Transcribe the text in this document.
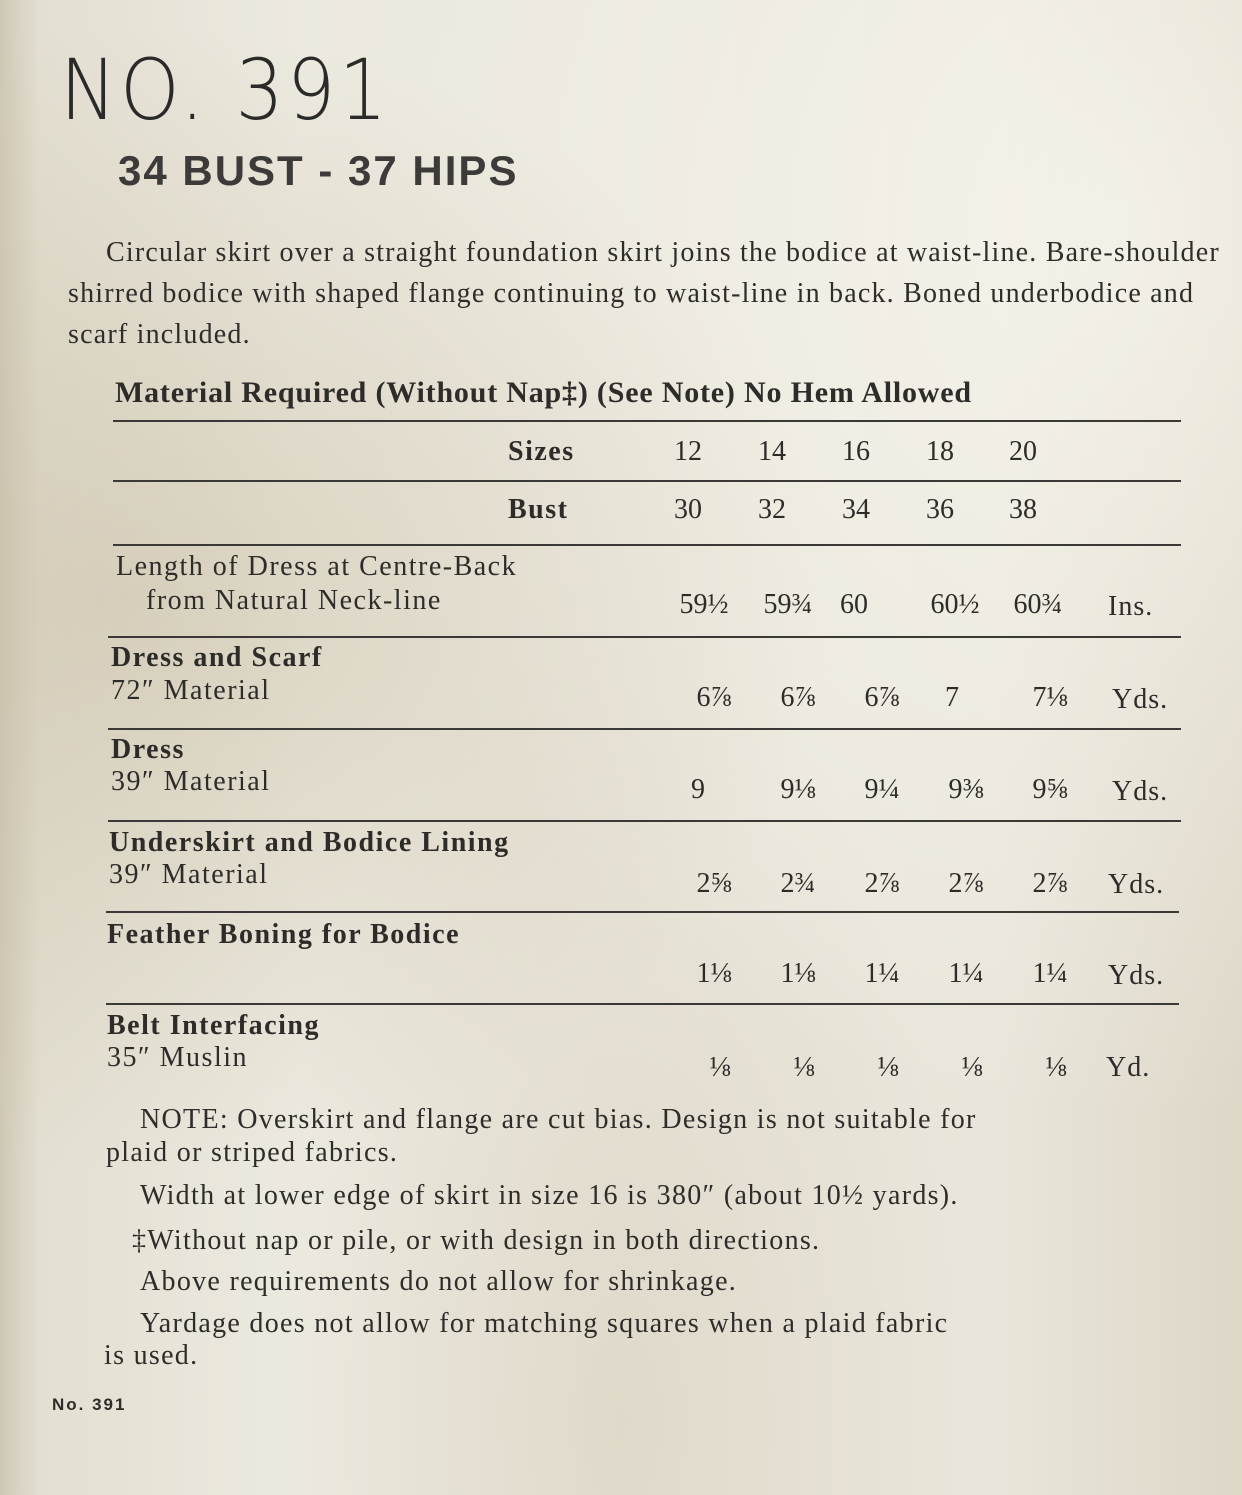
NO. 391
34 BUST - 37 HIPS
Circular skirt over a straight foundation skirt joins the bodice at waist-line. Bare-shoulder shirred bodice with shaped flange continuing to waist-line in back. Boned underbodice and scarf included.
Material Required (Without Nap‡) (See Note) No Hem Allowed
Sizes	12	14	16	18	20
Bust	30	32	34	36	38
Length of Dress at Centre-Back
from Natural Neck-line	59½	59¾ 60	60½	60¾	Ins.
Dress and Scarf
72″ Material	6⅞	6⅞	6⅞	7	7⅛	Yds.
Dress
39″ Material	9	9⅛	9¼	9⅜	9⅝	Yds.
Underskirt and Bodice Lining
39″ Material	2⅝	2¾	2⅞	2⅞	2⅞	Yds.
Feather Boning for Bodice
1⅛	1⅛	1¼	1¼	1¼	Yds.
Belt Interfacing
35″ Muslin	⅛	⅛	⅛	⅛	⅛	Yd.
NOTE: Overskirt and flange are cut bias. Design is not suitable for
plaid or striped fabrics.
Width at lower edge of skirt in size 16 is 380″ (about 10½ yards).
‡Without nap or pile, or with design in both directions.
Above requirements do not allow for shrinkage.
Yardage does not allow for matching squares when a plaid fabric
is used.
No. 391
